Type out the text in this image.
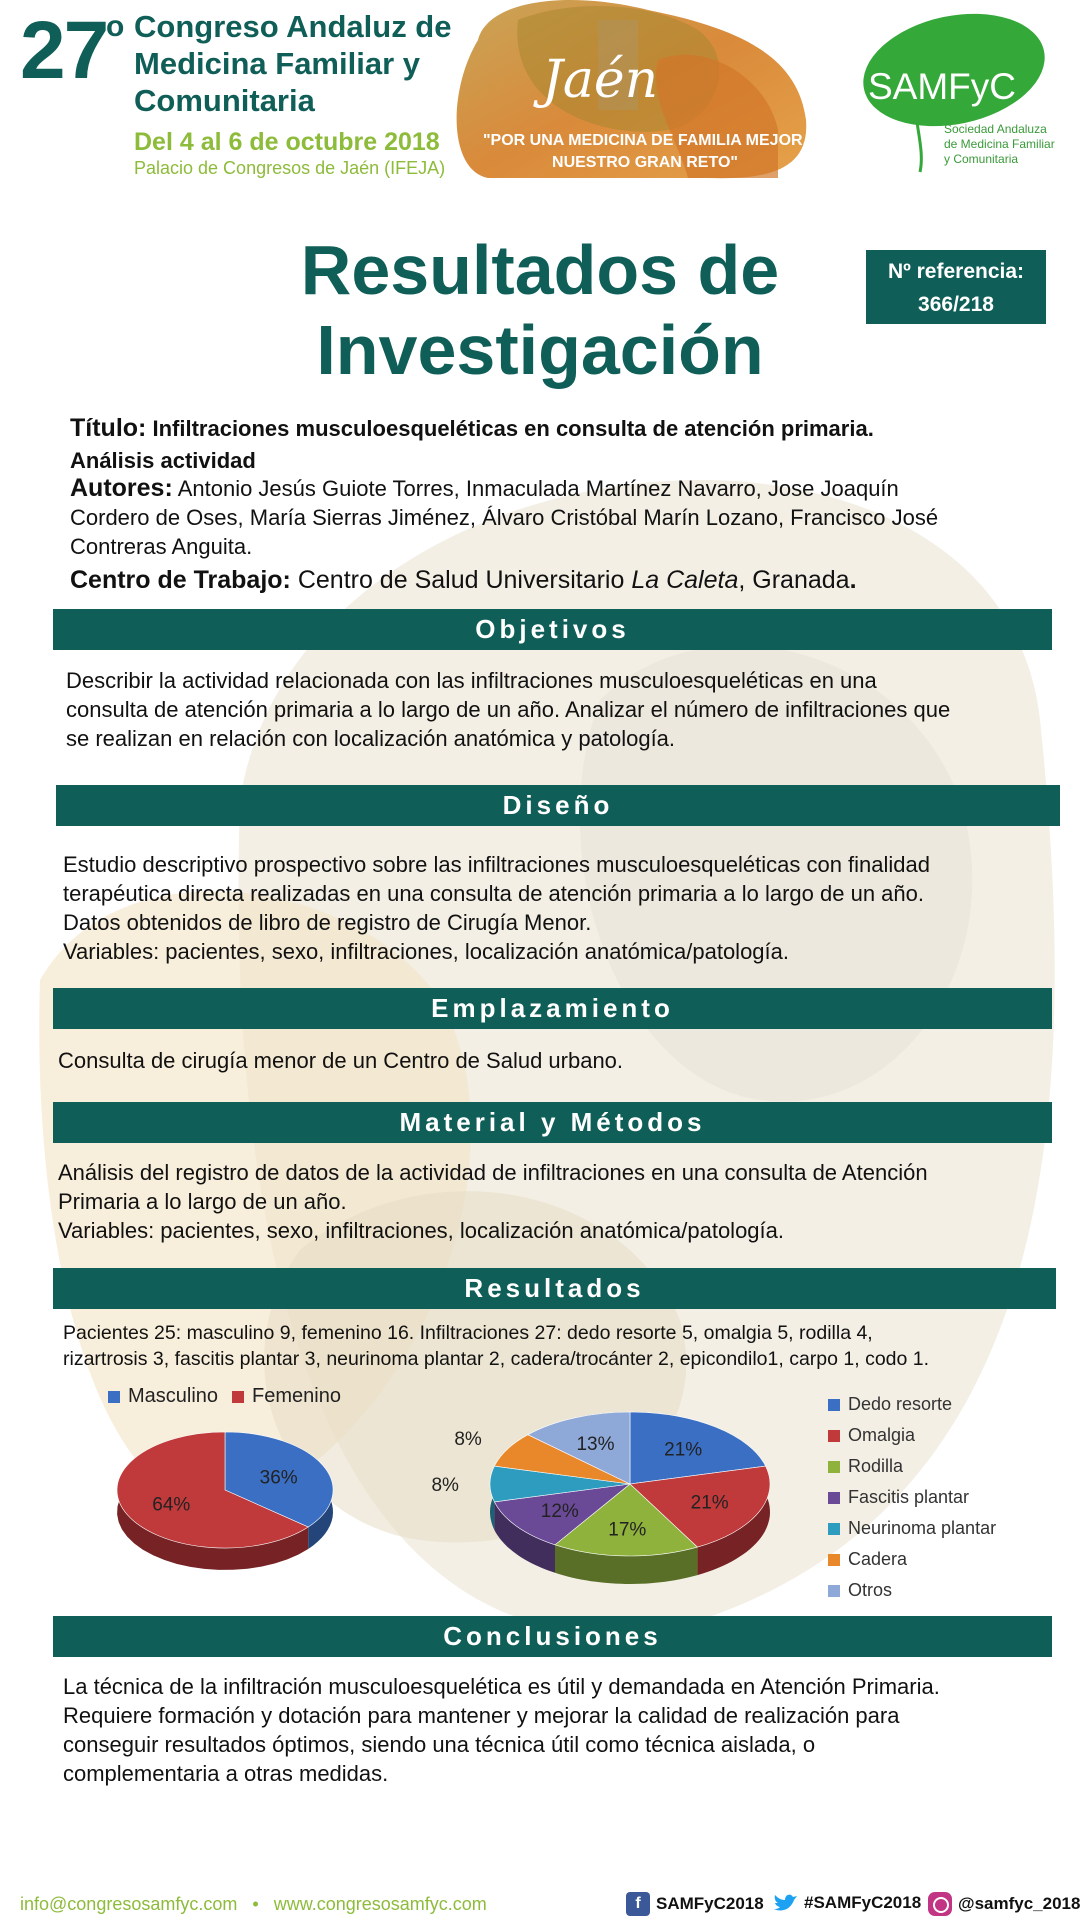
27
o Congreso Andaluz de
Medicina Familiar y
Comunitaria
Del 4 al 6 de octubre 2018
Palacio de Congresos de Jaén (IFEJA)
Jaén
"POR UNA MEDICINA DE FAMILIA MEJOR,
NUESTRO GRAN RETO"
SAMFyC
Sociedad Andaluza
de Medicina Familiar
y Comunitaria
Resultados de
Investigación
Nº referencia:
366/218
Título: Infiltraciones musculoesqueléticas en consulta de atención primaria.
Análisis actividad
Autores: Antonio Jesús Guiote Torres, Inmaculada Martínez Navarro, Jose Joaquín
Cordero de Oses, María Sierras Jiménez, Álvaro Cristóbal Marín Lozano, Francisco José
Contreras Anguita.
Centro de Trabajo: Centro de Salud Universitario La Caleta, Granada.
Objetivos
Describir la actividad relacionada con las infiltraciones musculoesqueléticas en una
consulta de atención primaria a lo largo de un año. Analizar el número de infiltraciones que
se realizan en relación con localización anatómica y patología.
Diseño
Estudio descriptivo prospectivo sobre las infiltraciones musculoesqueléticas con finalidad
terapéutica directa realizadas en una consulta de atención primaria a lo largo de un año.
Datos obtenidos de libro de registro de Cirugía Menor.
Variables: pacientes, sexo, infiltraciones, localización anatómica/patología.
Emplazamiento
Consulta de cirugía menor de un Centro de Salud urbano.
Material y Métodos
Análisis del registro de datos de la actividad de infiltraciones en una consulta de Atención
Primaria a lo largo de un año.
Variables: pacientes, sexo, infiltraciones, localización anatómica/patología.
Resultados
Pacientes 25: masculino 9, femenino 16. Infiltraciones 27: dedo resorte 5, omalgia 5, rodilla 4,
rizartrosis 3, fascitis plantar 3, neurinoma plantar 2, cadera/trocánter 2, epicondilo1, carpo 1, codo 1.
Masculino Femenino
36%
64%
21%
21%
17%
12%
8%
8%	13%
Dedo resorte
Omalgia
Rodilla
Fascitis plantar
Neurinoma plantar
Cadera
Otros
Conclusiones
La técnica de la infiltración musculoesquelética es útil y demandada en Atención Primaria.
Requiere formación y dotación para mantener y mejorar la calidad de realización para
conseguir resultados óptimos, siendo una técnica útil como técnica aislada, o
complementaria a otras medidas.
info@congresosamfyc.com • www.congresosamfyc.com	f SAMFyC2018 #SAMFyC2018 @samfyc_2018
